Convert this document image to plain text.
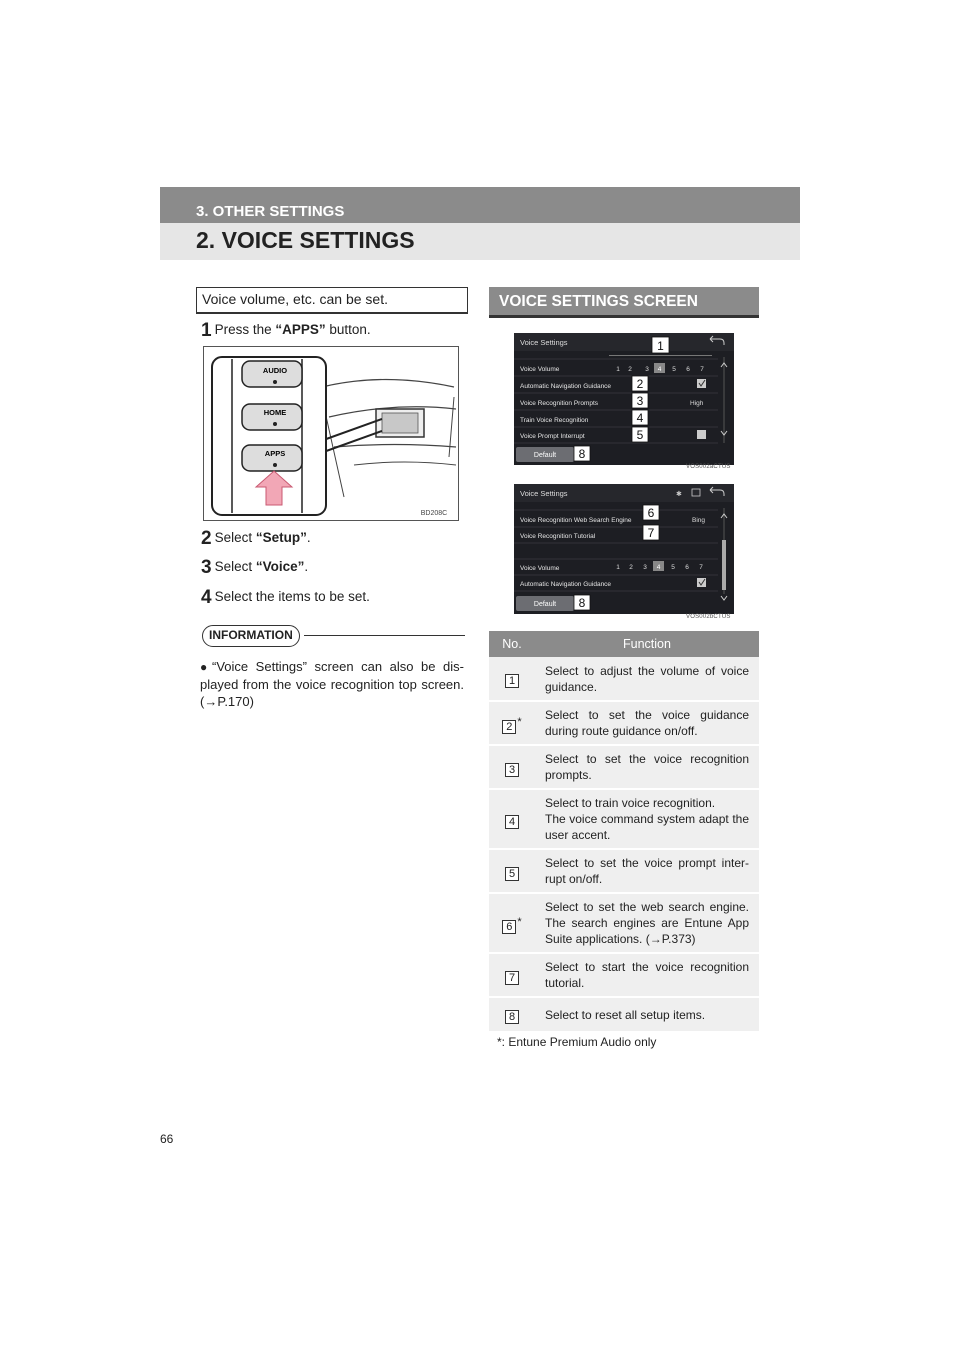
3. OTHER SETTINGS
2. VOICE SETTINGS
Voice volume, etc. can be set.
1 Press the “APPS” button.
AUDIO
HOME
APPS
BD208C
2 Select “Setup”.
3 Select “Voice”.
4 Select the items to be set.
INFORMATION
● “Voice Settings” screen can also be dis-played from the voice recognition top screen. (→P.170)
VOICE SETTINGS SCREEN
Voice Settings
Voice Volume
Automatic Navigation Guidance
Voice Recognition Prompts
Train Voice Recognition
Voice Prompt Interrupt
1 2 3 4 5 6 7
High
Default
1
2
3
4
5
8
VOS002aCTUS
Voice Settings	✱
Voice Recognition Web Search Engine
Voice Recognition Tutorial
Voice Volume
Automatic Navigation Guidance
Bing
1 2 3 4 5 6 7
Default
6
7
8
VOS002bCTUS
No.	Function
1	Select to adjust the volume of voice guidance.

2 *	Select to set the voice guidance during route guidance on/off.

3	Select to set the voice recognition prompts.

4	Select to train voice recognition.
The voice command system adapt the user accent.

5	Select to set the voice prompt inter-rupt on/off.

6 *	Select to set the web search engine. The search engines are Entune App Suite applications. (→P.373)

7	Select to start the voice recognition tutorial.

8	Select to reset all setup items.
*: Entune Premium Audio only
66
